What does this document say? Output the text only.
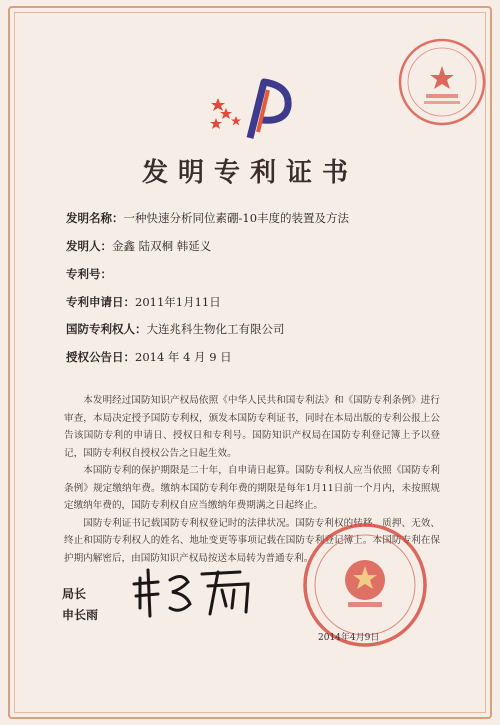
发明专利证书
发明名称：一种快速分析同位素硼-10丰度的装置及方法
发明人：金鑫 陆双桐 韩延义
专利号：
专利申请日：2011年1月11日
国防专利权人：大连兆科生物化工有限公司
授权公告日：2014 年 4 月 9 日

本发明经过国防知识产权局依照《中华人民共和国专利法》和《国防专利条例》进行审查，本局决定授予国防专利权，颁发本国防专利证书，同时在本局出版的专利公报上公告该国防专利的申请日、授权日和专利号。国防知识产权局在国防专利登记簿上予以登记，国防专利权自授权公告之日起生效。

本国防专利的保护期限是二十年，自申请日起算。国防专利权人应当依照《国防专利条例》规定缴纳年费。缴纳本国防专利年费的期限是每年1月11日前一个月内，未按照规定缴纳年费的，国防专利权自应当缴纳年费期满之日起终止。

国防专利证书记载国防专利权登记时的法律状况。国防专利权的转移、质押、无效、终止和国防专利权人的姓名、地址变更等事项记载在国防专利登记簿上。本国防专利在保护期内解密后，由国防知识产权局按送本局转为普通专利。

局长
申长雨
2014年4月9日
